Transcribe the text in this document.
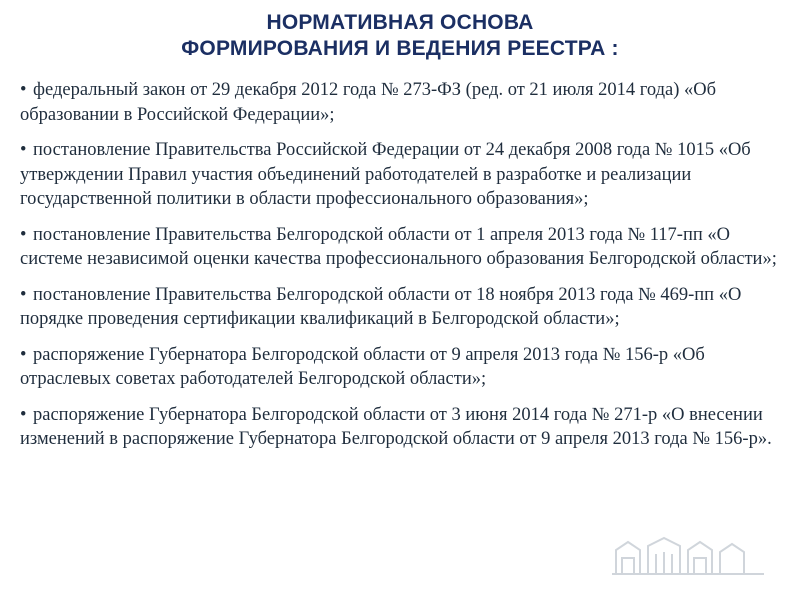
НОРМАТИВНАЯ ОСНОВА
ФОРМИРОВАНИЯ И ВЕДЕНИЯ РЕЕСТРА :

• федеральный закон от 29 декабря 2012 года № 273-ФЗ (ред. от 21 июля 2014 года) «Об образовании в Российской Федерации»;

• постановление Правительства Российской Федерации от 24 декабря 2008 года № 1015 «Об утверждении Правил участия объединений работодателей в разработке и реализации государственной политики в области профессионального образования»;

• постановление Правительства Белгородской области от 1 апреля 2013 года № 117-пп «О системе независимой оценки качества профессионального образования Белгородской области»;

• постановление Правительства Белгородской области от 18 ноября 2013 года № 469-пп «О порядке проведения сертификации квалификаций в Белгородской области»;

• распоряжение Губернатора Белгородской области от 9 апреля 2013 года № 156-р «Об отраслевых советах работодателей Белгородской области»;

• распоряжение Губернатора Белгородской области от 3 июня 2014 года № 271-р «О внесении изменений в распоряжение Губернатора Белгородской области от 9 апреля 2013 года № 156-р».
